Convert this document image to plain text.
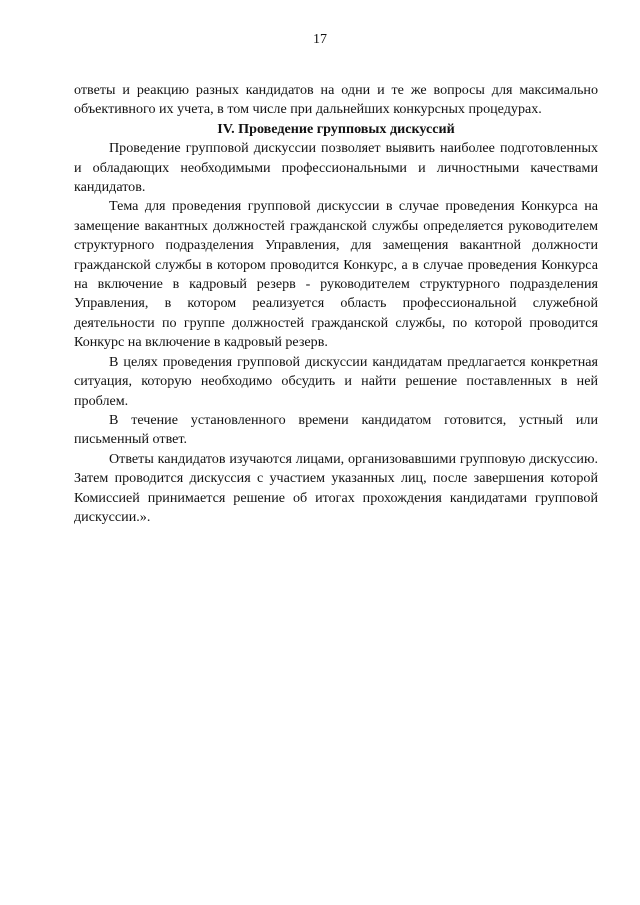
17

ответы и реакцию разных кандидатов на одни и те же вопросы для максимально объективного их учета, в том числе при дальнейших конкурсных процедурах.

IV. Проведение групповых дискуссий

Проведение групповой дискуссии позволяет выявить наиболее подготовленных и обладающих необходимыми профессиональными и личностными качествами кандидатов.

Тема для проведения групповой дискуссии в случае проведения Конкурса на замещение вакантных должностей гражданской службы определяется руководителем структурного подразделения Управления, для замещения вакантной должности гражданской службы в котором проводится Конкурс, а в случае проведения Конкурса на включение в кадровый резерв - руководителем структурного подразделения Управления, в котором реализуется область профессиональной служебной деятельности по группе должностей гражданской службы, по которой проводится Конкурс на включение в кадровый резерв.

В целях проведения групповой дискуссии кандидатам предлагается конкретная ситуация, которую необходимо обсудить и найти решение поставленных в ней проблем.

В течение установленного времени кандидатом готовится, устный или письменный ответ.

Ответы кандидатов изучаются лицами, организовавшими групповую дискуссию. Затем проводится дискуссия с участием указанных лиц, после завершения которой Комиссией принимается решение об итогах прохождения кандидатами групповой дискуссии.».
